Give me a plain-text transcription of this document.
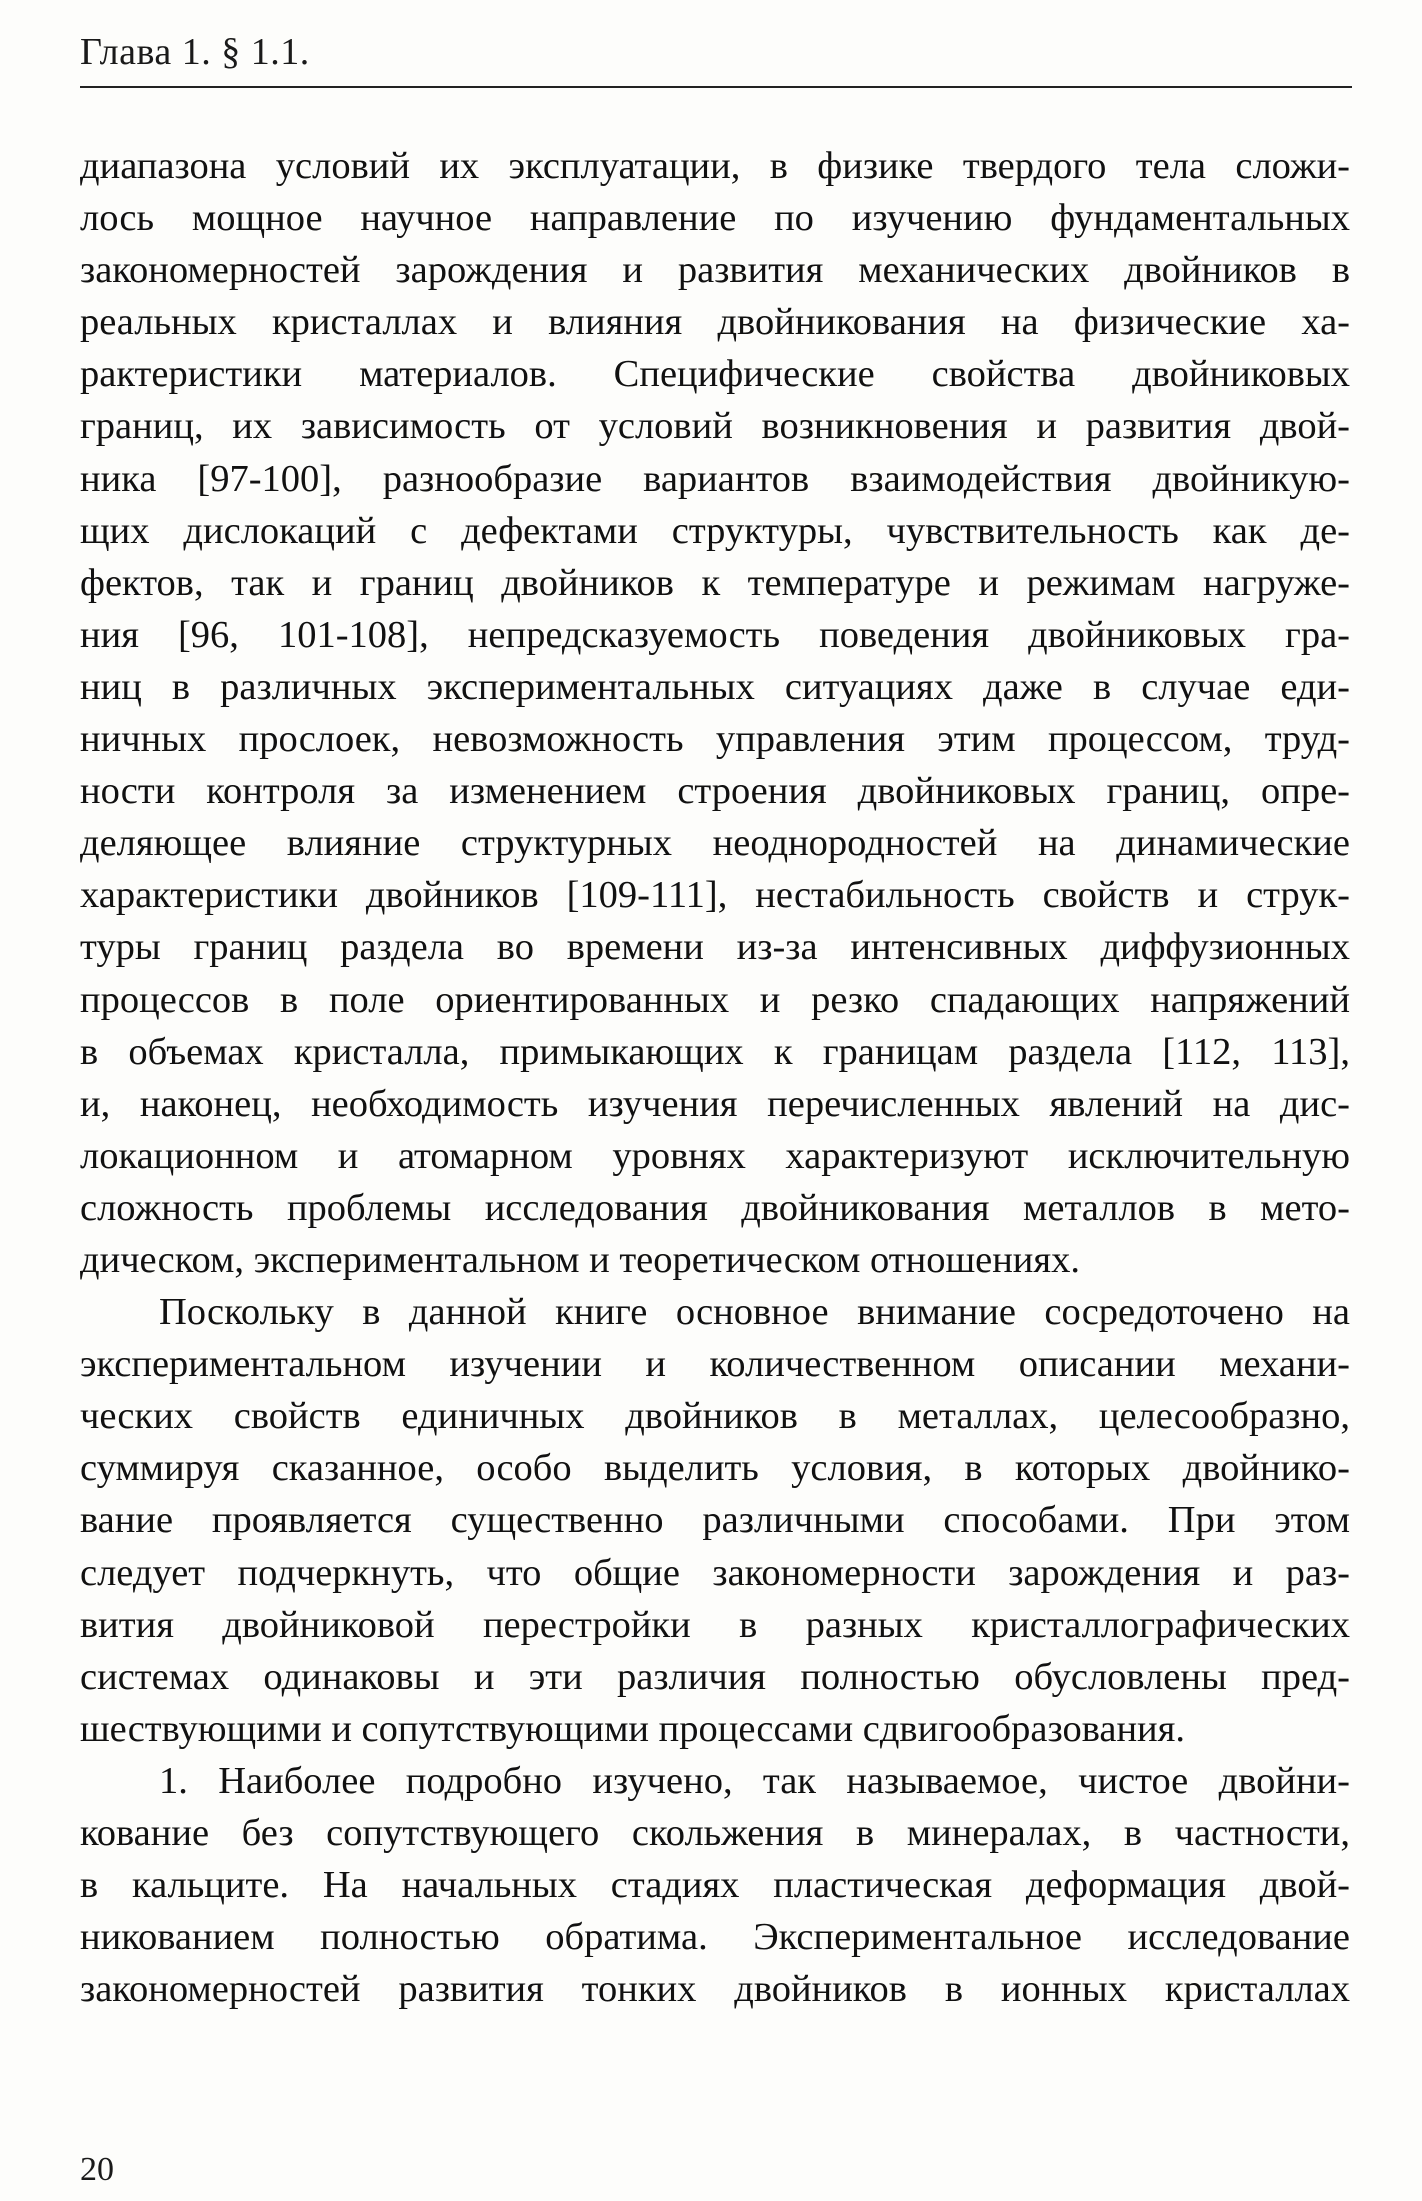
Глава 1. § 1.1.
диапазона условий их эксплуатации, в физике твердого тела сложи-
лось мощное научное направление по изучению фундаментальных
закономерностей зарождения и развития механических двойников в
реальных кристаллах и влияния двойникования на физические ха-
рактеристики материалов. Специфические свойства двойниковых
границ, их зависимость от условий возникновения и развития двой-
ника [97-100], разнообразие вариантов взаимодействия двойникую-
щих дислокаций с дефектами структуры, чувствительность как де-
фектов, так и границ двойников к температуре и режимам нагруже-
ния [96, 101-108], непредсказуемость поведения двойниковых гра-
ниц в различных экспериментальных ситуациях даже в случае еди-
ничных прослоек, невозможность управления этим процессом, труд-
ности контроля за изменением строения двойниковых границ, опре-
деляющее влияние структурных неоднородностей на динамические
характеристики двойников [109-111], нестабильность свойств и струк-
туры границ раздела во времени из-за интенсивных диффузионных
процессов в поле ориентированных и резко спадающих напряжений
в объемах кристалла, примыкающих к границам раздела [112, 113],
и, наконец, необходимость изучения перечисленных явлений на дис-
локационном и атомарном уровнях характеризуют исключительную
сложность проблемы исследования двойникования металлов в мето-
дическом, экспериментальном и теоретическом отношениях.
Поскольку в данной книге основное внимание сосредоточено на
экспериментальном изучении и количественном описании механи-
ческих свойств единичных двойников в металлах, целесообразно,
суммируя сказанное, особо выделить условия, в которых двойнико-
вание проявляется существенно различными способами. При этом
следует подчеркнуть, что общие закономерности зарождения и раз-
вития двойниковой перестройки в разных кристаллографических
системах одинаковы и эти различия полностью обусловлены пред-
шествующими и сопутствующими процессами сдвигообразования.
1. Наиболее подробно изучено, так называемое, чистое двойни-
кование без сопутствующего скольжения в минералах, в частности,
в кальците. На начальных стадиях пластическая деформация двой-
никованием полностью обратима. Экспериментальное исследование
закономерностей развития тонких двойников в ионных кристаллах
20
